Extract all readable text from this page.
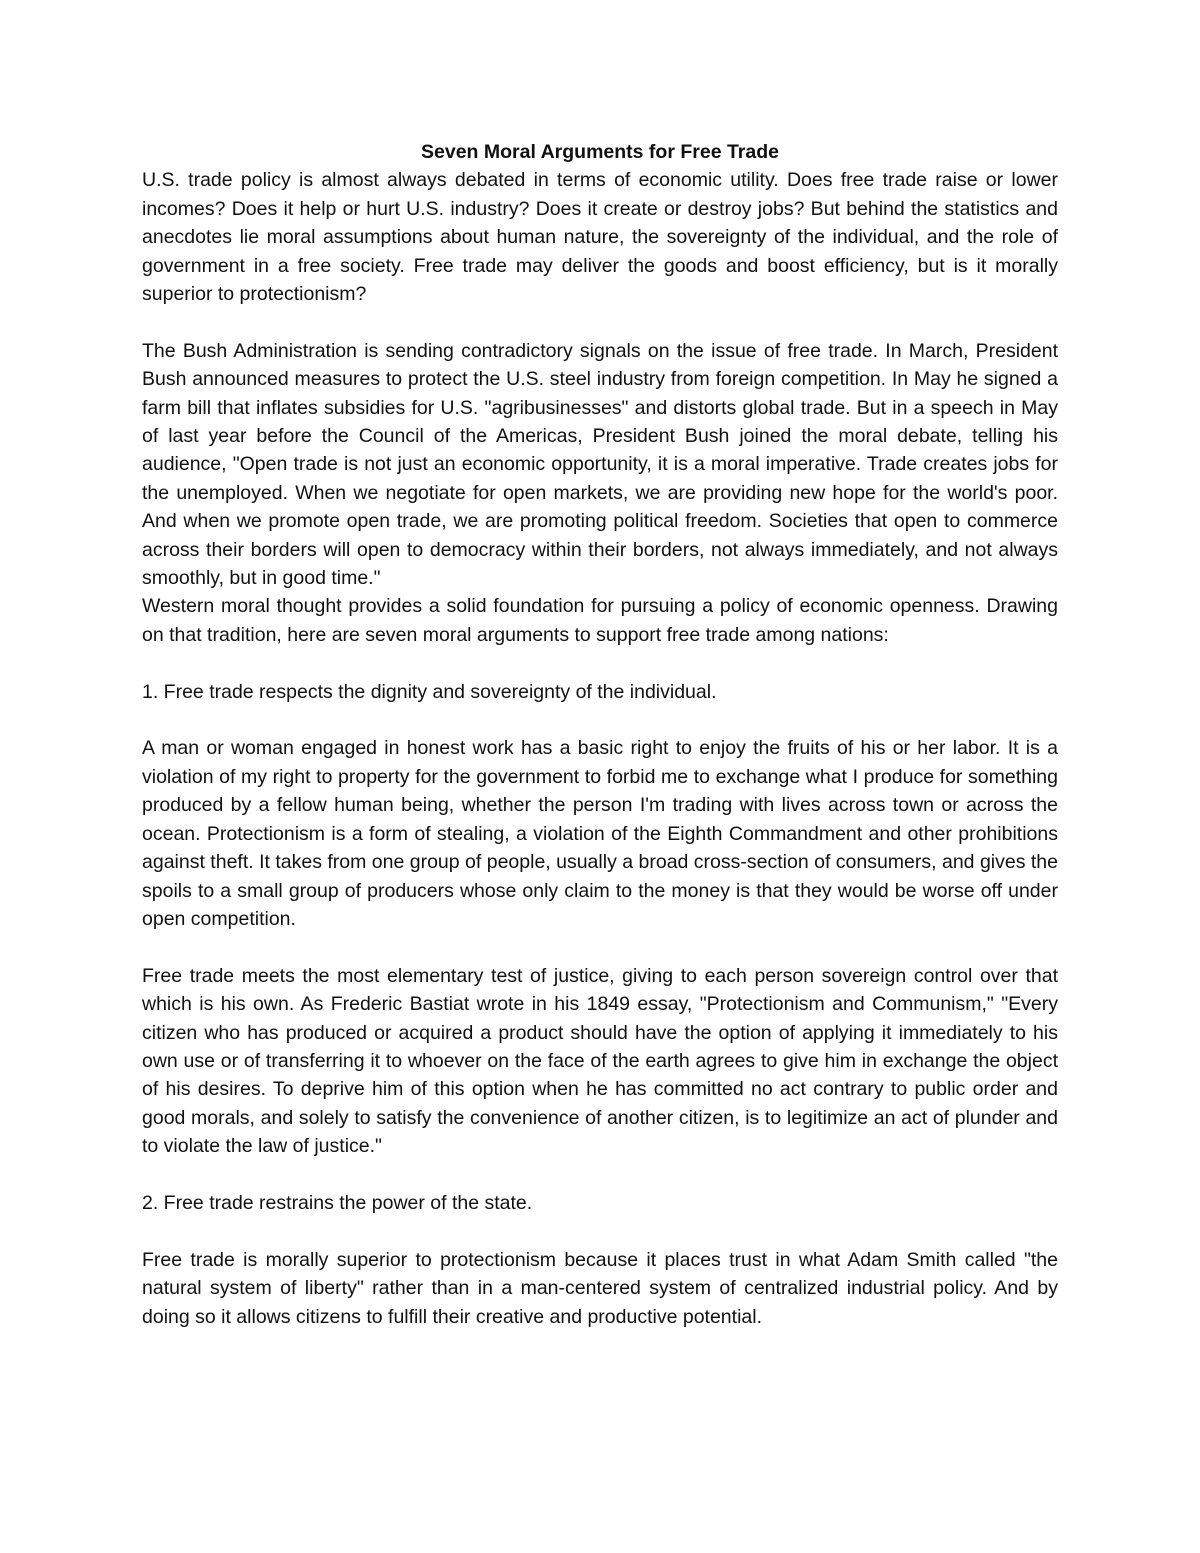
Seven Moral Arguments for Free Trade

U.S. trade policy is almost always debated in terms of economic utility. Does free trade raise or lower incomes? Does it help or hurt U.S. industry? Does it create or destroy jobs? But behind the statistics and anecdotes lie moral assumptions about human nature, the sovereignty of the individual, and the role of government in a free society. Free trade may deliver the goods and boost efficiency, but is it morally superior to protectionism?

The Bush Administration is sending contradictory signals on the issue of free trade. In March, President Bush announced measures to protect the U.S. steel industry from foreign competition. In May he signed a farm bill that inflates subsidies for U.S. "agribusinesses" and distorts global trade. But in a speech in May of last year before the Council of the Americas, President Bush joined the moral debate, telling his audience, "Open trade is not just an economic opportunity, it is a moral imperative. Trade creates jobs for the unemployed. When we negotiate for open markets, we are providing new hope for the world's poor. And when we promote open trade, we are promoting political freedom. Societies that open to commerce across their borders will open to democracy within their borders, not always immediately, and not always smoothly, but in good time."

Western moral thought provides a solid foundation for pursuing a policy of economic openness. Drawing on that tradition, here are seven moral arguments to support free trade among nations:

1. Free trade respects the dignity and sovereignty of the individual.

A man or woman engaged in honest work has a basic right to enjoy the fruits of his or her labor. It is a violation of my right to property for the government to forbid me to exchange what I produce for something produced by a fellow human being, whether the person I'm trading with lives across town or across the ocean. Protectionism is a form of stealing, a violation of the Eighth Commandment and other prohibitions against theft. It takes from one group of people, usually a broad cross-section of consumers, and gives the spoils to a small group of producers whose only claim to the money is that they would be worse off under open competition.

Free trade meets the most elementary test of justice, giving to each person sovereign control over that which is his own. As Frederic Bastiat wrote in his 1849 essay, "Protectionism and Communism," "Every citizen who has produced or acquired a product should have the option of applying it immediately to his own use or of transferring it to whoever on the face of the earth agrees to give him in exchange the object of his desires. To deprive him of this option when he has committed no act contrary to public order and good morals, and solely to satisfy the convenience of another citizen, is to legitimize an act of plunder and to violate the law of justice."

2. Free trade restrains the power of the state.

Free trade is morally superior to protectionism because it places trust in what Adam Smith called "the natural system of liberty" rather than in a man-centered system of centralized industrial policy. And by doing so it allows citizens to fulfill their creative and productive potential.
